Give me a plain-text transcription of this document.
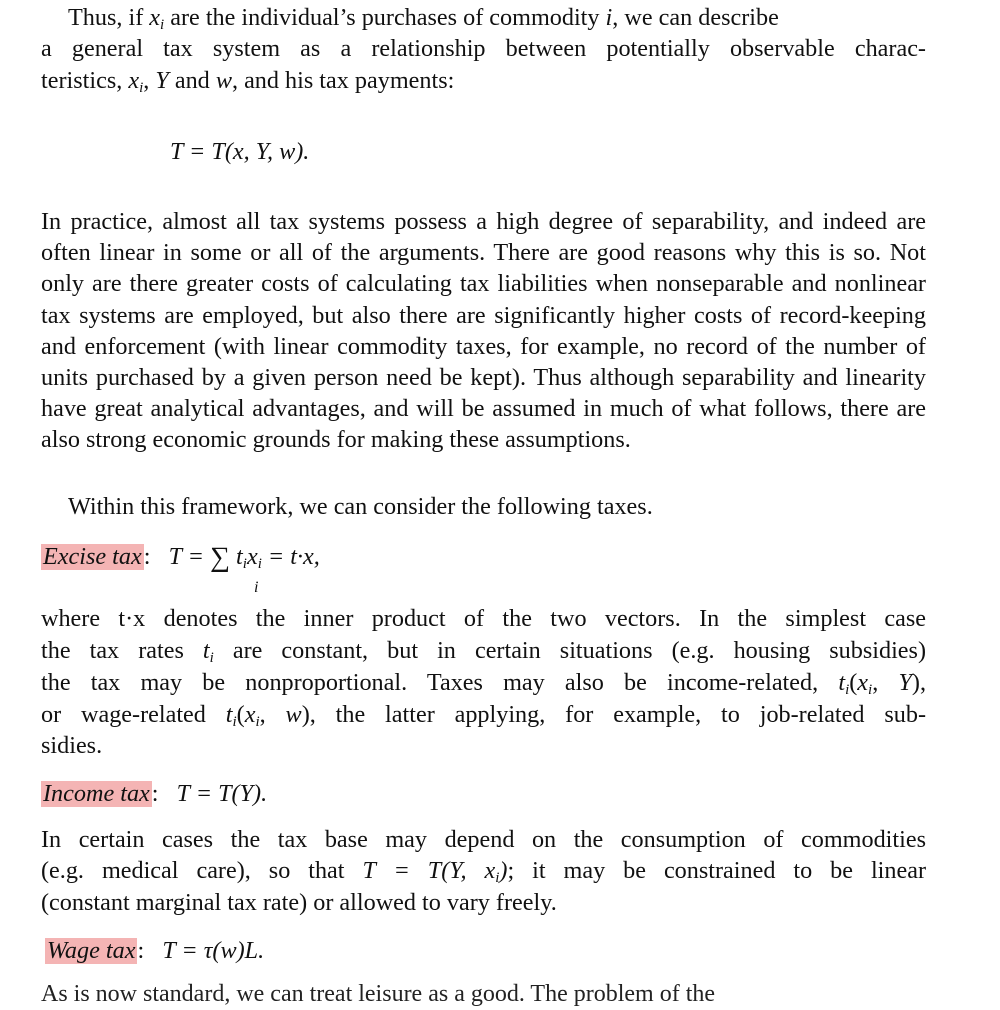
Thus, if $x_i$ are the individual’s purchases of commodity i, we can describe
a general tax system as a relationship between potentially observable charac-
teristics, $x_i$, Y and w, and his tax payments:
T = T(x, Y, w).

In practice, almost all tax systems possess a high degree of separability, and indeed are often linear in some or all of the arguments. There are good reasons why this is so. Not only are there greater costs of calculating tax liabilities when nonseparable and nonlinear tax systems are employed, but also there are significantly higher costs of record-keeping and enforcement (with linear commodity taxes, for example, no record of the number of units purchased by a given person need be kept). Thus although separability and linearity have great analytical advantages, and will be assumed in much of what follows, there are also strong economic grounds for making these assumptions.

Within this framework, we can consider the following taxes.

Excise tax: T = ∑ $t_ix_i = t\cdot x$,
i
where t·x denotes the inner product of the two vectors. In the simplest case
the tax rates $t_i$ are constant, but in certain situations (e.g. housing subsidies)
the tax may be nonproportional. Taxes may also be income-related, $t_i(x_i$, Y),
or wage-related $t_i(x_i$, w), the latter applying, for example, to job-related sub-
sidies.
Income tax: T = T(Y).
In certain cases the tax base may depend on the consumption of commodities
(e.g. medical care), so that T = T(Y, $x_i$); it may be constrained to be linear
(constant marginal tax rate) or allowed to vary freely.
Wage tax: T = τ(w)L.
As is now standard, we can treat leisure as a good. The problem of the
